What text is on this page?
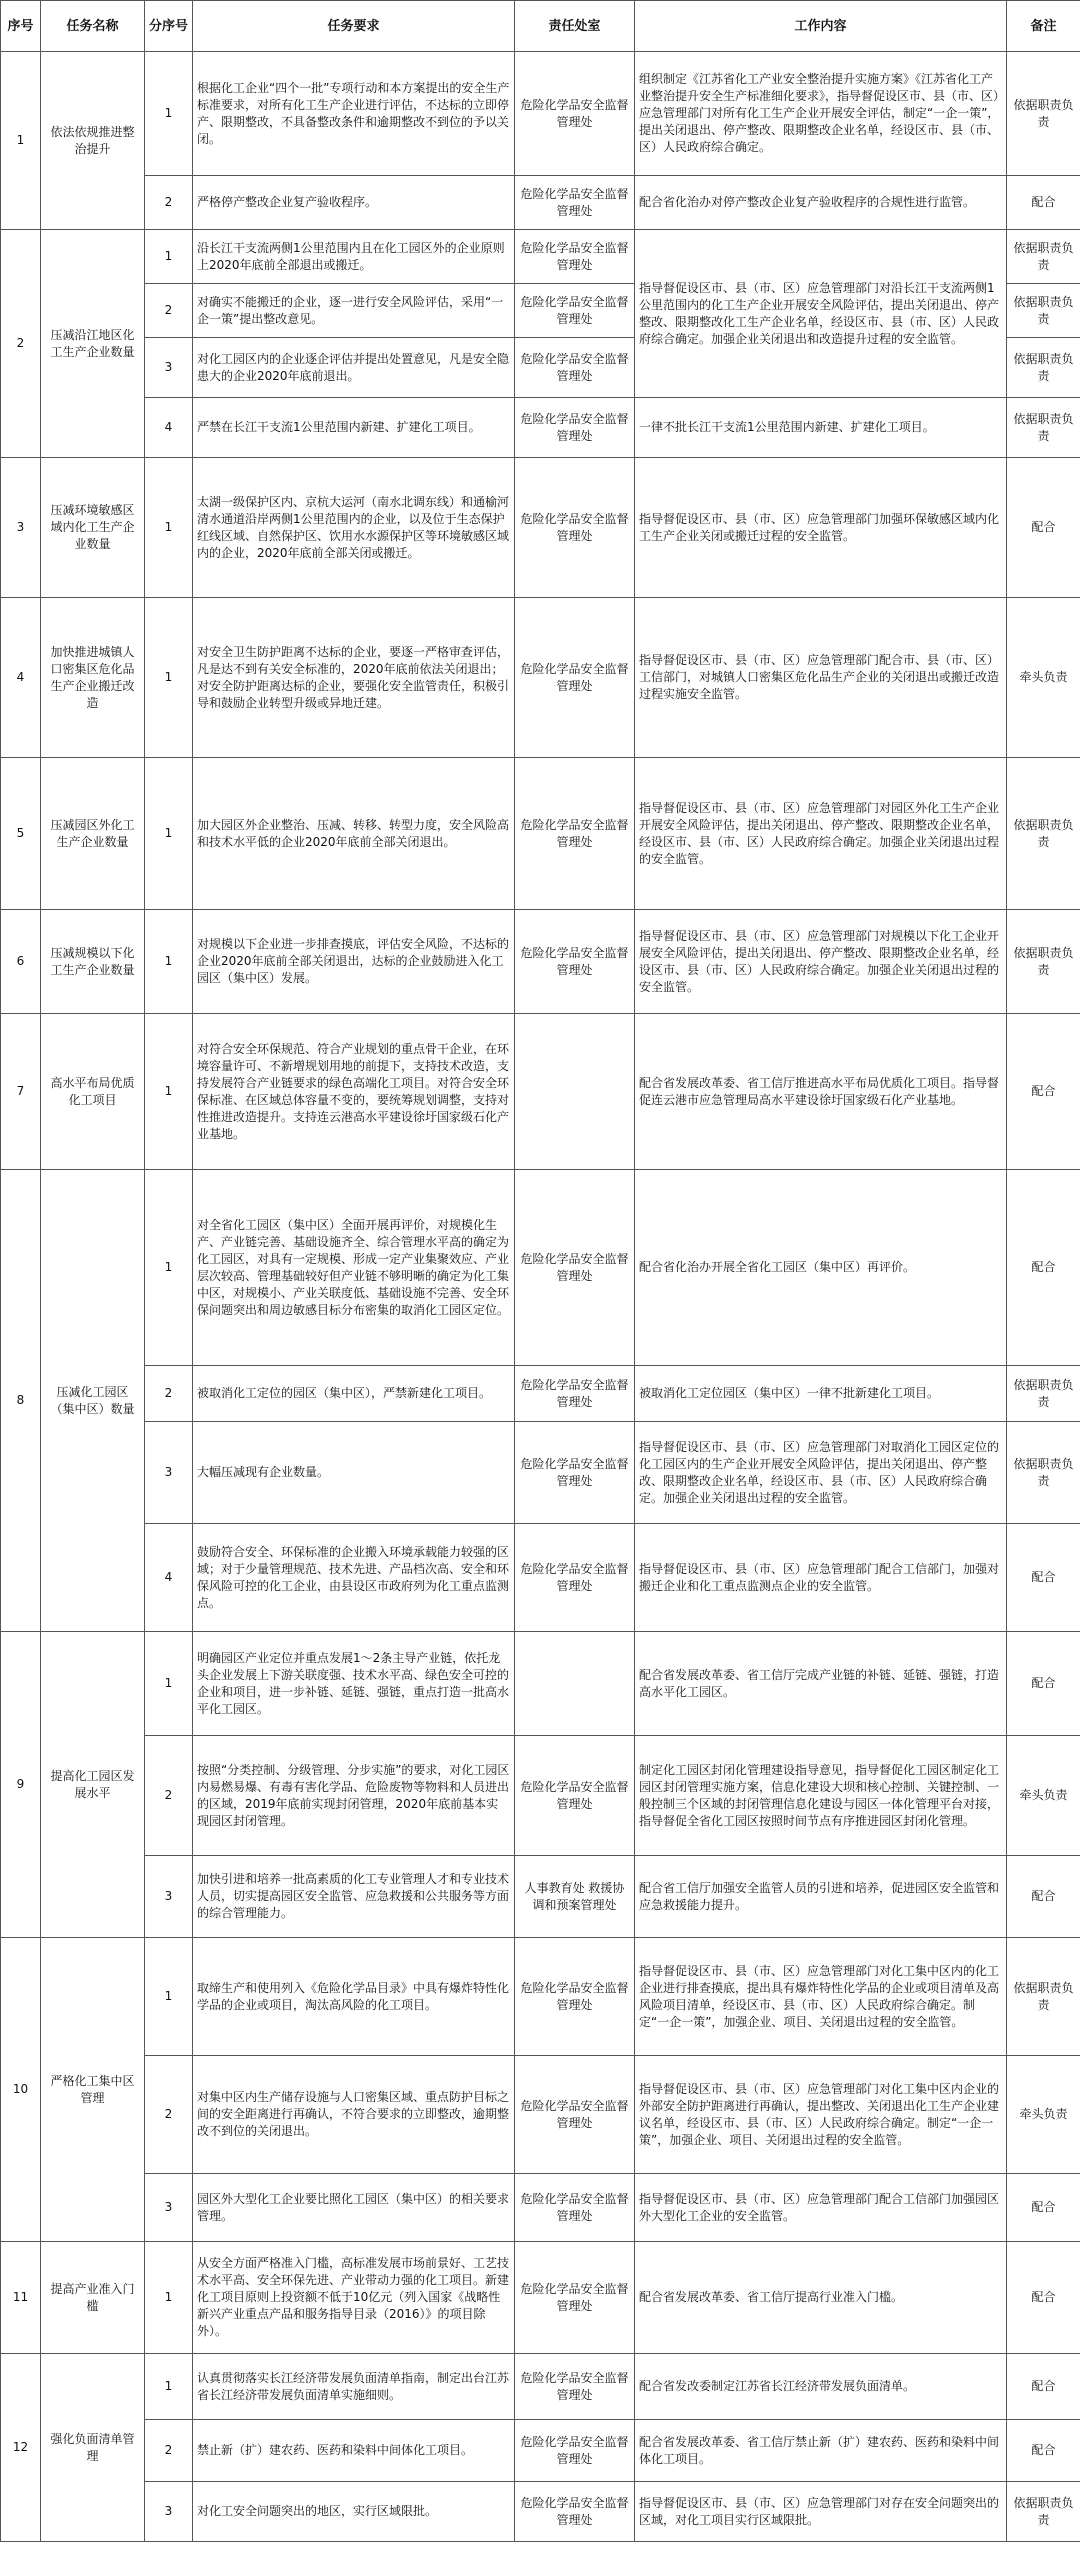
序号	任务名称	分序号	任务要求	责任处室	工作内容	备注
1	依法依规推进整治提升	1	根据化工企业“四个一批”专项行动和本方案提出的安全生产标准要求，对所有化工生产企业进行评估，不达标的立即停产、限期整改，不具备整改条件和逾期整改不到位的予以关闭。	危险化学品安全监督管理处	组织制定《江苏省化工产业安全整治提升实施方案》《江苏省化工产业整治提升安全生产标准细化要求》，指导督促设区市、县（市、区）应急管理部门对所有化工生产企业开展安全评估，制定“一企一策”，提出关闭退出、停产整改、限期整改企业名单，经设区市、县（市、区）人民政府综合确定。	依据职责负责
		2	严格停产整改企业复产验收程序。	危险化学品安全监督管理处	配合省化治办对停产整改企业复产验收程序的合规性进行监管。	配合
2	压减沿江地区化工生产企业数量	1	沿长江干支流两侧1公里范围内且在化工园区外的企业原则上2020年底前全部退出或搬迁。	危险化学品安全监督管理处	指导督促设区市、县（市、区）应急管理部门对沿长江干支流两侧1公里范围内的化工生产企业开展安全风险评估，提出关闭退出、停产整改、限期整改化工生产企业名单，经设区市、县（市、区）人民政府综合确定。加强企业关闭退出和改造提升过程的安全监管。	依据职责负责
		2	对确实不能搬迁的企业，逐一进行安全风险评估，采用“一企一策”提出整改意见。	危险化学品安全监督管理处		依据职责负责
		3	对化工园区内的企业逐企评估并提出处置意见，凡是安全隐患大的企业2020年底前退出。	危险化学品安全监督管理处		依据职责负责
		4	严禁在长江干支流1公里范围内新建、扩建化工项目。	危险化学品安全监督管理处	一律不批长江干支流1公里范围内新建、扩建化工项目。	依据职责负责
3	压减环境敏感区域内化工生产企业数量	1	太湖一级保护区内、京杭大运河（南水北调东线）和通榆河清水通道沿岸两侧1公里范围内的企业，以及位于生态保护红线区域、自然保护区、饮用水水源保护区等环境敏感区域内的企业，2020年底前全部关闭或搬迁。	危险化学品安全监督管理处	指导督促设区市、县（市、区）应急管理部门加强环保敏感区域内化工生产企业关闭或搬迁过程的安全监管。	配合
4	加快推进城镇人口密集区危化品生产企业搬迁改造	1	对安全卫生防护距离不达标的企业，要逐一严格审查评估，凡是达不到有关安全标准的，2020年底前依法关闭退出；对安全防护距离达标的企业，要强化安全监管责任，积极引导和鼓励企业转型升级或异地迁建。	危险化学品安全监督管理处	指导督促设区市、县（市、区）应急管理部门配合市、县（市、区）工信部门，对城镇人口密集区危化品生产企业的关闭退出或搬迁改造过程实施安全监管。	牵头负责
5	压减园区外化工生产企业数量	1	加大园区外企业整治、压减、转移、转型力度，安全风险高和技术水平低的企业2020年底前全部关闭退出。	危险化学品安全监督管理处	指导督促设区市、县（市、区）应急管理部门对园区外化工生产企业开展安全风险评估，提出关闭退出、停产整改、限期整改企业名单，经设区市、县（市、区）人民政府综合确定。加强企业关闭退出过程的安全监管。	依据职责负责
6	压减规模以下化工生产企业数量	1	对规模以下企业进一步排查摸底，评估安全风险，不达标的企业2020年底前全部关闭退出，达标的企业鼓励进入化工园区（集中区）发展。	危险化学品安全监督管理处	指导督促设区市、县（市、区）应急管理部门对规模以下化工企业开展安全风险评估，提出关闭退出、停产整改、限期整改企业名单，经设区市、县（市、区）人民政府综合确定。加强企业关闭退出过程的安全监管。	依据职责负责
7	高水平布局优质化工项目	1	对符合安全环保规范、符合产业规划的重点骨干企业，在环境容量许可、不新增规划用地的前提下，支持技术改造，支持发展符合产业链要求的绿色高端化工项目。对符合安全环保标准、在区域总体容量不变的，要统筹规划调整，支持对性推进改造提升。支持连云港高水平建设徐圩国家级石化产业基地。		配合省发展改革委、省工信厅推进高水平布局优质化工项目。指导督促连云港市应急管理局高水平建设徐圩国家级石化产业基地。	配合
8	压减化工园区（集中区）数量	1	对全省化工园区（集中区）全面开展再评价，对规模化生产、产业链完善、基础设施齐全、综合管理水平高的确定为化工园区，对具有一定规模、形成一定产业集聚效应、产业层次较高、管理基础较好但产业链不够明晰的确定为化工集中区，对规模小、产业关联度低、基础设施不完善、安全环保问题突出和周边敏感目标分布密集的取消化工园区定位。	危险化学品安全监督管理处	配合省化治办开展全省化工园区（集中区）再评价。	配合
		2	被取消化工定位的园区（集中区），严禁新建化工项目。	危险化学品安全监督管理处	被取消化工定位园区（集中区）一律不批新建化工项目。	依据职责负责
		3	大幅压减现有企业数量。	危险化学品安全监督管理处	指导督促设区市、县（市、区）应急管理部门对取消化工园区定位的化工园区内的生产企业开展安全风险评估，提出关闭退出、停产整改、限期整改企业名单，经设区市、县（市、区）人民政府综合确定。加强企业关闭退出过程的安全监管。	依据职责负责
		4	鼓励符合安全、环保标准的企业搬入环境承载能力较强的区域；对于少量管理规范、技术先进、产品档次高、安全和环保风险可控的化工企业，由县设区市政府列为化工重点监测点。	危险化学品安全监督管理处	指导督促设区市、县（市、区）应急管理部门配合工信部门，加强对搬迁企业和化工重点监测点企业的安全监管。	配合
9	提高化工园区发展水平	1	明确园区产业定位并重点发展1～2条主导产业链，依托龙头企业发展上下游关联度强、技术水平高、绿色安全可控的企业和项目，进一步补链、延链、强链，重点打造一批高水平化工园区。		配合省发展改革委、省工信厅完成产业链的补链、延链、强链，打造高水平化工园区。	配合
		2	按照“分类控制、分级管理、分步实施”的要求，对化工园区内易燃易爆、有毒有害化学品、危险废物等物料和人员进出的区域，2019年底前实现封闭管理，2020年底前基本实现园区封闭管理。	危险化学品安全监督管理处	制定化工园区封闭化管理建设指导意见，指导督促化工园区制定化工园区封闭管理实施方案，信息化建设大坝和核心控制、关键控制、一般控制三个区域的封闭管理信息化建设与园区一体化管理平台对接，指导督促全省化工园区按照时间节点有序推进园区封闭化管理。	牵头负责
		3	加快引进和培养一批高素质的化工专业管理人才和专业技术人员，切实提高园区安全监管、应急救援和公共服务等方面的综合管理能力。	人事教育处 救援协调和预案管理处	配合省工信厅加强安全监管人员的引进和培养，促进园区安全监管和应急救援能力提升。	配合
10	严格化工集中区管理	1	取缔生产和使用列入《危险化学品目录》中具有爆炸特性化学品的企业或项目，淘汰高风险的化工项目。	危险化学品安全监督管理处	指导督促设区市、县（市、区）应急管理部门对化工集中区内的化工企业进行排查摸底，提出具有爆炸特性化学品的企业或项目清单及高风险项目清单，经设区市、县（市、区）人民政府综合确定。制定“一企一策”，加强企业、项目、关闭退出过程的安全监管。	依据职责负责
		2	对集中区内生产储存设施与人口密集区域、重点防护目标之间的安全距离进行再确认，不符合要求的立即整改，逾期整改不到位的关闭退出。	危险化学品安全监督管理处	指导督促设区市、县（市、区）应急管理部门对化工集中区内企业的外部安全防护距离进行再确认，提出整改、关闭退出化工生产企业建议名单，经设区市、县（市、区）人民政府综合确定。制定“一企一策”，加强企业、项目、关闭退出过程的安全监管。	牵头负责
		3	园区外大型化工企业要比照化工园区（集中区）的相关要求管理。	危险化学品安全监督管理处	指导督促设区市、县（市、区）应急管理部门配合工信部门加强园区外大型化工企业的安全监管。	配合
11	提高产业准入门槛	1	从安全方面严格准入门槛，高标准发展市场前景好、工艺技术水平高、安全环保先进、产业带动力强的化工项目。新建化工项目原则上投资额不低于10亿元（列入国家《战略性新兴产业重点产品和服务指导目录（2016）》的项目除外）。	危险化学品安全监督管理处	配合省发展改革委、省工信厅提高行业准入门槛。	配合
12	强化负面清单管理	1	认真贯彻落实长江经济带发展负面清单指南，制定出台江苏省长江经济带发展负面清单实施细则。	危险化学品安全监督管理处	配合省发改委制定江苏省长江经济带发展负面清单。	配合
		2	禁止新（扩）建农药、医药和染料中间体化工项目。	危险化学品安全监督管理处	配合省发展改革委、省工信厅禁止新（扩）建农药、医药和染料中间体化工项目。	配合
		3	对化工安全问题突出的地区，实行区域限批。	危险化学品安全监督管理处	指导督促设区市、县（市、区）应急管理部门对存在安全问题突出的区域，对化工项目实行区域限批。	依据职责负责
